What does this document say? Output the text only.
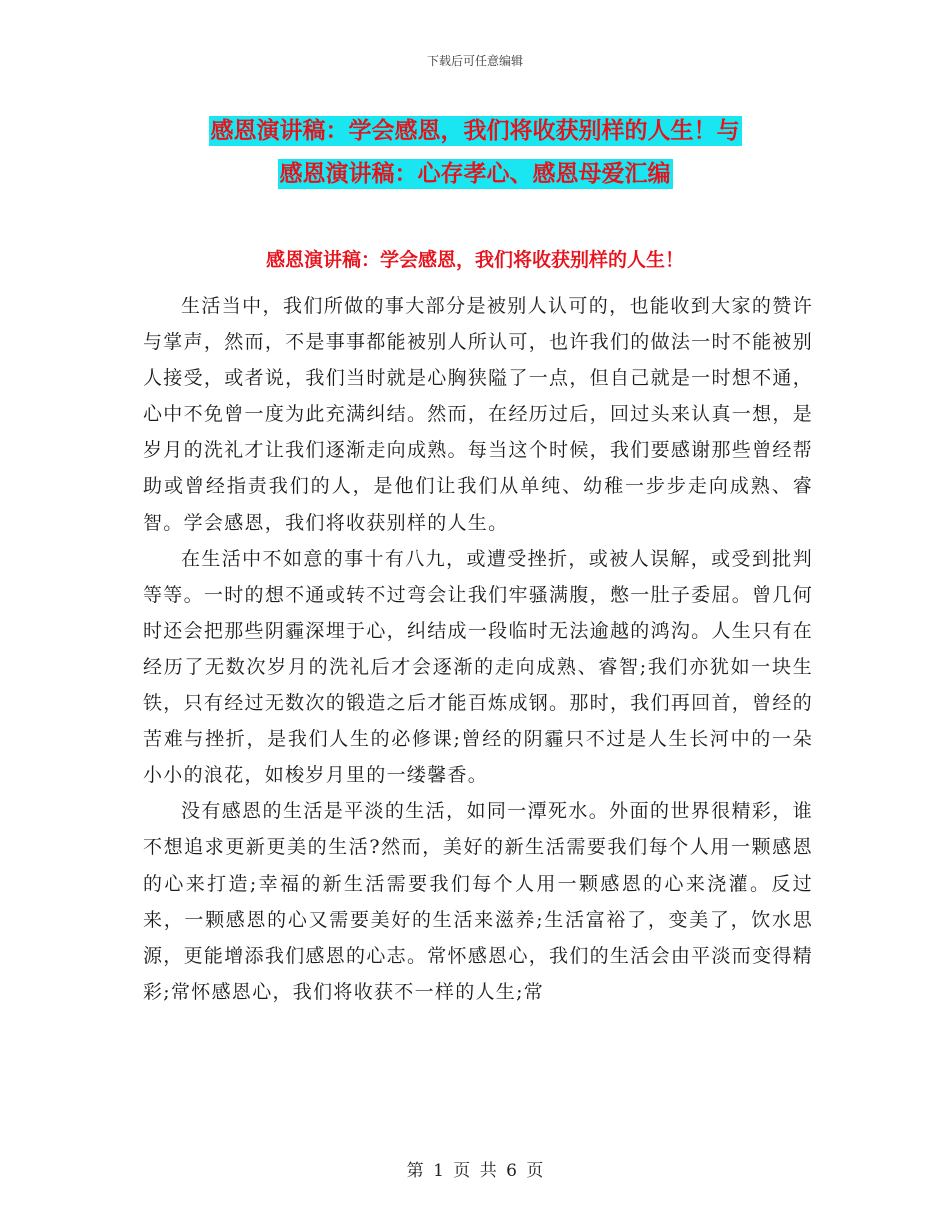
下载后可任意编辑
感恩演讲稿：学会感恩，我们将收获别样的人生！与
感恩演讲稿：心存孝心、感恩母爱汇编
感恩演讲稿：学会感恩，我们将收获别样的人生！

生活当中，我们所做的事大部分是被别人认可的，也能收到大家的赞许与掌声，然而，不是事事都能被别人所认可，也许我们的做法一时不能被别人接受，或者说，我们当时就是心胸狭隘了一点，但自己就是一时想不通，心中不免曾一度为此充满纠结。然而，在经历过后，回过头来认真一想，是岁月的洗礼才让我们逐渐走向成熟。每当这个时候，我们要感谢那些曾经帮助或曾经指责我们的人，是他们让我们从单纯、幼稚一步步走向成熟、睿智。学会感恩，我们将收获别样的人生。

在生活中不如意的事十有八九，或遭受挫折，或被人误解，或受到批判等等。一时的想不通或转不过弯会让我们牢骚满腹，憋一肚子委屈。曾几何时还会把那些阴霾深埋于心，纠结成一段临时无法逾越的鸿沟。人生只有在经历了无数次岁月的洗礼后才会逐渐的走向成熟、睿智;我们亦犹如一块生铁，只有经过无数次的锻造之后才能百炼成钢。那时，我们再回首，曾经的苦难与挫折，是我们人生的必修课;曾经的阴霾只不过是人生长河中的一朵小小的浪花，如梭岁月里的一缕馨香。

没有感恩的生活是平淡的生活，如同一潭死水。外面的世界很精彩，谁不想追求更新更美的生活?然而，美好的新生活需要我们每个人用一颗感恩的心来打造;幸福的新生活需要我们每个人用一颗感恩的心来浇灌。反过来，一颗感恩的心又需要美好的生活来滋养;生活富裕了，变美了，饮水思源，更能增添我们感恩的心志。常怀感恩心，我们的生活会由平淡而变得精彩;常怀感恩心，我们将收获不一样的人生;常

第 1 页 共 6 页
